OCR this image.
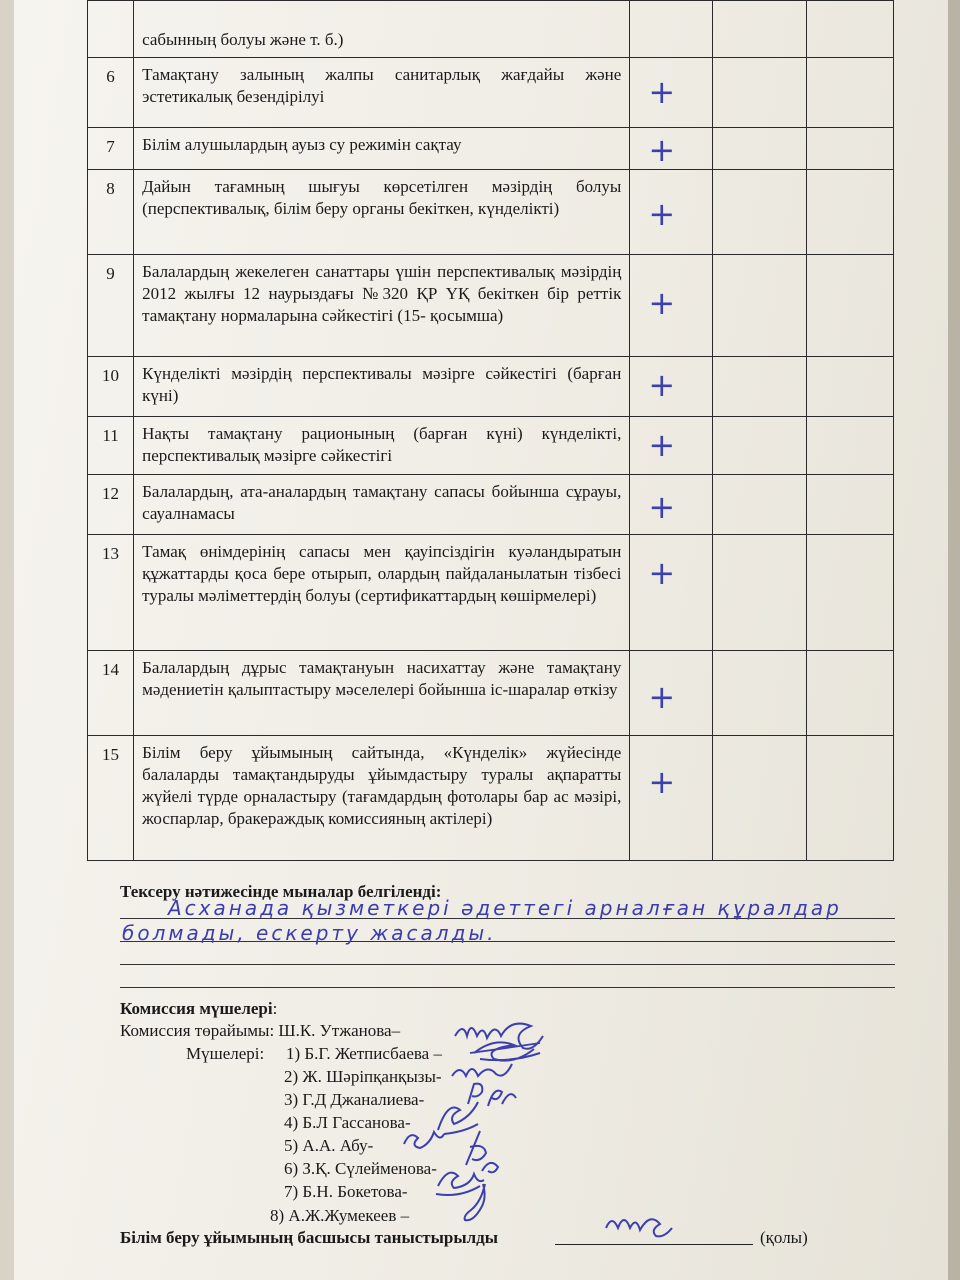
	сабынның болуы және т. б.)	

6	Тамақтану залының жалпы санитарлық жағдайы және эстетикалық безендірілуі	+		

7	Білім алушылардың ауыз су режимін сақтау	+		

8	Дайын тағамның шығуы көрсетілген мәзірдің болуы (перспективалық, білім беру органы бекіткен, күнделікті)	+		

9	Балалардың жекелеген санаттары үшін перспективалық мәзірдің 2012 жылғы 12 наурыздағы №320 ҚР ҮҚ бекіткен бір реттік тамақтану нормаларына сәйкестігі (15- қосымша)	+		

10	Күнделікті мәзірдің перспективалы мәзірге сәйкестігі (барған күні)	+		

11	Нақты тамақтану рационының (барған күні) күнделікті, перспективалық мәзірге сәйкестігі	+		

12	Балалардың, ата-аналардың тамақтану сапасы бойынша сұрауы, сауалнамасы	+		

13	Тамақ өнімдерінің сапасы мен қауіпсіздігін куәландыратын құжаттарды қоса бере отырып, олардың пайдаланылатын тізбесі туралы мәліметтердің болуы (сертификаттардың көшірмелері)	+		

14	Балалардың дұрыс тамақтануын насихаттау және тамақтану мәдениетін қалыптастыру мәселелері бойынша іс-шаралар өткізу	+		

15	Білім беру ұйымының сайтында, «Күнделік» жүйесінде балаларды тамақтандыруды ұйымдастыру туралы ақпаратты жүйелі түрде орналастыру (тағамдардың фотолары бар ас мәзірі, жоспарлар, бракераждық комиссияның актілері)	+		

Тексеру нәтижесінде мыналар белгіленді:
Асханада қызметкері әдеттегі арналған құралдар
болмады, ескерту жасалды.
Комиссия мүшелері:
Комиссия төрайымы: Ш.К. Утжанова–
Мүшелері: 1) Б.Г. Жетписбаева –
2) Ж. Шәріпқанқызы-
3) Г.Д Джаналиева-
4) Б.Л Гассанова-
5) А.А. Абу-
6) З.Қ. Сүлейменова-
7) Б.Н. Бокетова-
8) А.Ж.Жумекеев –
Білім беру ұйымының басшысы таныстырылды	(қолы)
